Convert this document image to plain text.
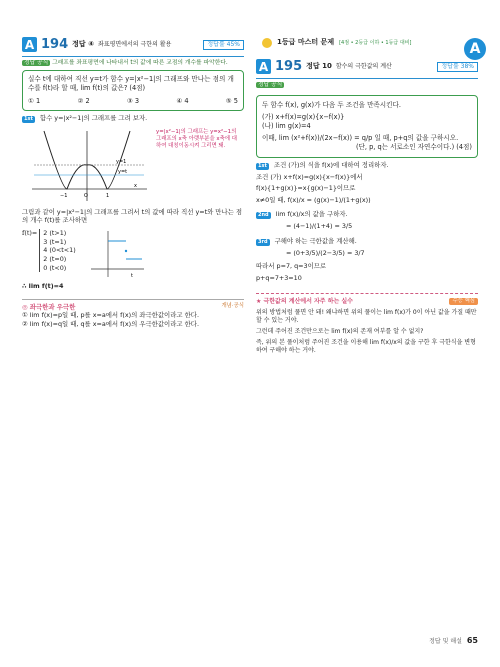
A 194 정답 ④ 좌표평면에서의 극한의 활용	정답률 45%
정답 공식 그래프를 좌표평면에 나타내서 t의 값에 따른 교점의 개수를 파악한다.
실수 t에 대하여 직선 y=t가 함수 y=|x²−1|의 그래프와 만나는 점의 개수를 f(t)라 할 때, lim f(t)의 값은? (4점)
① 1	② 2	③ 3	④ 4	⑤ 5
1st 함수 y=|x²−1|의 그래프를 그려 보자.
−1	O	1
x
y=1
y=t
y=|x²−1|의 그래프는 y=x²−1의 그래프의 x축 아랫부분을 x축에 대하여 대칭이동시켜 그리면 돼.
그림과 같이 y=|x²−1|의 그래프를 그려서 t의 값에 따라 직선 y=t와 만나는 점의 개수 f(t)를 조사하면
f(t)= 2 (t>1)
3 (t=1)
4 (0<t<1)
2 (t=0)
0 (t<0)
t
∴ lim f(t)=4
개념·공식
◎ 좌극한과 우극한
① lim f(x)=p일 때, p를 x=a에서 f(x)의 좌극한값이라고 한다.
② lim f(x)=q일 때, q를 x=a에서 f(x)의 우극한값이라고 한다.
1등급 마스터 문제 [4점 • 2등급 이하 • 1등급 대비]	A
A 195 정답 10 함수의 극한값의 계산	정답률 38%
정답 공식
두 함수 f(x), g(x)가 다음 두 조건을 만족시킨다.
(가) x+f(x)=g(x){x−f(x)}
(나) lim g(x)=4
이때, lim (x²+f(x))/(2x−f(x)) = q/p 일 때, p+q의 값을 구하시오.
(단, p, q는 서로소인 자연수이다.) (4점)
1st 조건 (가)의 식을 f(x)에 대하여 정리하자.
조건 (가) x+f(x)=g(x){x−f(x)}에서
f(x){1+g(x)}=x{g(x)−1}이므로
x≠0일 때, f(x)/x = (g(x)−1)/(1+g(x))
2nd lim f(x)/x의 값을 구하자.
= (4−1)/(1+4) = 3/5
3rd 구해야 하는 극한값을 계산해.
= (0+3/5)/(2−3/5) = 3/7
따라서 p=7, q=3이므로
p+q=7+3=10
수능 핵심
★ 극한값의 계산에서 자주 하는 실수
위의 방법처럼 풀면 안 돼! 왜냐하면 위의 풀이는 lim f(x)가 0이 아닌 값을 가질 때만 할 수 있는 거야.
그런데 주어진 조건만으로는 lim f(x)의 존재 여부를 알 수 없지?
즉, 위의 본 풀이처럼 주어진 조건을 이용해 lim f(x)/x의 값을 구한 후 극한식을 변형하여 구해야 하는 거야.
정답 및 해설 65
